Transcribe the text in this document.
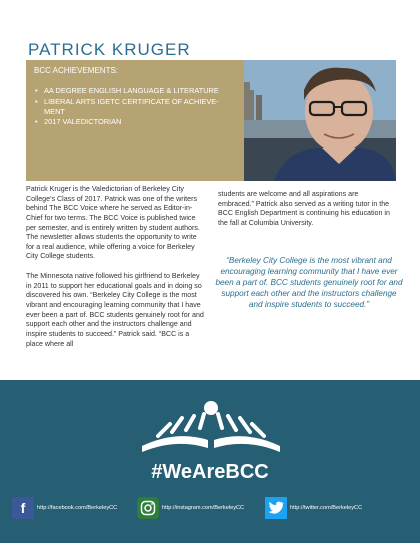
PATRICK KRUGER
BCC ACHIEVEMENTS:
• AA DEGREE ENGLISH LANGUAGE & LITERATURE
• LIBERAL ARTS IGETC CERTIFICATE OF ACHIEVE-MENT
• 2017 VALEDICTORIAN

Patrick Kruger is the Valedictorian of Berkeley City College’s Class of 2017. Patrick was one of the writers behind The BCC Voice where he served as Editor-in-Chief for two terms. The BCC Voice is published twice per semester, and is entirely written by student authors. The newsletter allows students the opportunity to write for a real audience, while offering a voice for Berkeley City College students.

The Minnesota native followed his girlfriend to Berkeley in 2011 to support her educational goals and in doing so discovered his own. “Berkeley City College is the most vibrant and encouraging learning community that I have ever been a part of. BCC students genuinely root for and support each other and the instructors challenge and inspire students to succeed.” Patrick said. “BCC is a place where all

students are welcome and all aspirations are embraced.” Patrick also served as a writing tutor in the BCC English Department is continuing his education in the fall at Columbia University.

“Berkeley City College is the most vibrant and encouraging learning community that I have ever been a part of. BCC students genuinely root for and support each other and the instructors challenge and inspire students to succeed.”
#WeAreBCC
f	http://facebook.com/BerkeleyCC	http://instagram.com/BerkeleyCC	http://twitter.com/BerkeleyCC
